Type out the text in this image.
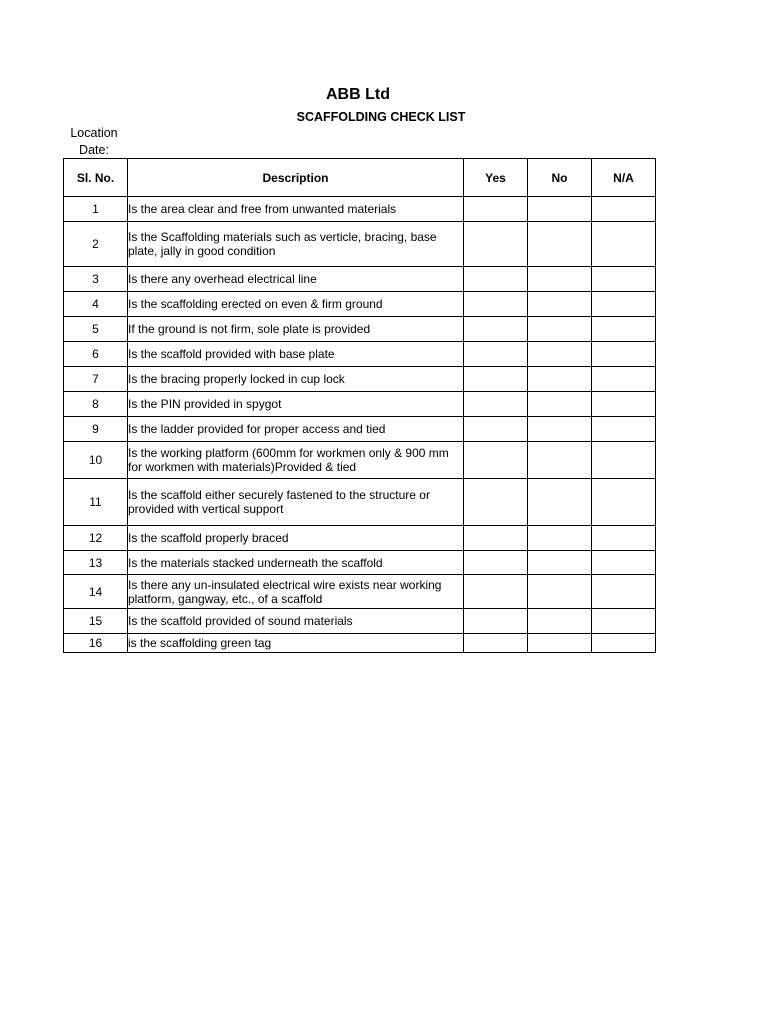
ABB Ltd
SCAFFOLDING CHECK LIST
Location
Date:
Sl. No.	Description	Yes	No	N/A
1	Is the area clear and free from unwanted materials			
2	Is the Scaffolding materials such as verticle, bracing, base plate, jally in good condition			
3	Is there any overhead electrical line			
4	Is the scaffolding erected on even & firm ground			
5	If the ground is not firm, sole plate is provided			
6	Is the scaffold provided with base plate			
7	Is the bracing properly locked in cup lock			
8	Is the PIN provided in spygot			
9	Is the ladder provided for proper access and tied			
10	Is the working platform (600mm for workmen only & 900 mm for workmen with materials)Provided & tied			
11	Is the scaffold either securely fastened to the structure or provided with vertical support			
12	Is the scaffold properly braced			
13	Is the materials stacked underneath the scaffold			
14	Is there any un-insulated electrical wire exists near working platform, gangway, etc., of a scaffold			
15	Is the scaffold provided of sound materials			
16	is the scaffolding green tag			
